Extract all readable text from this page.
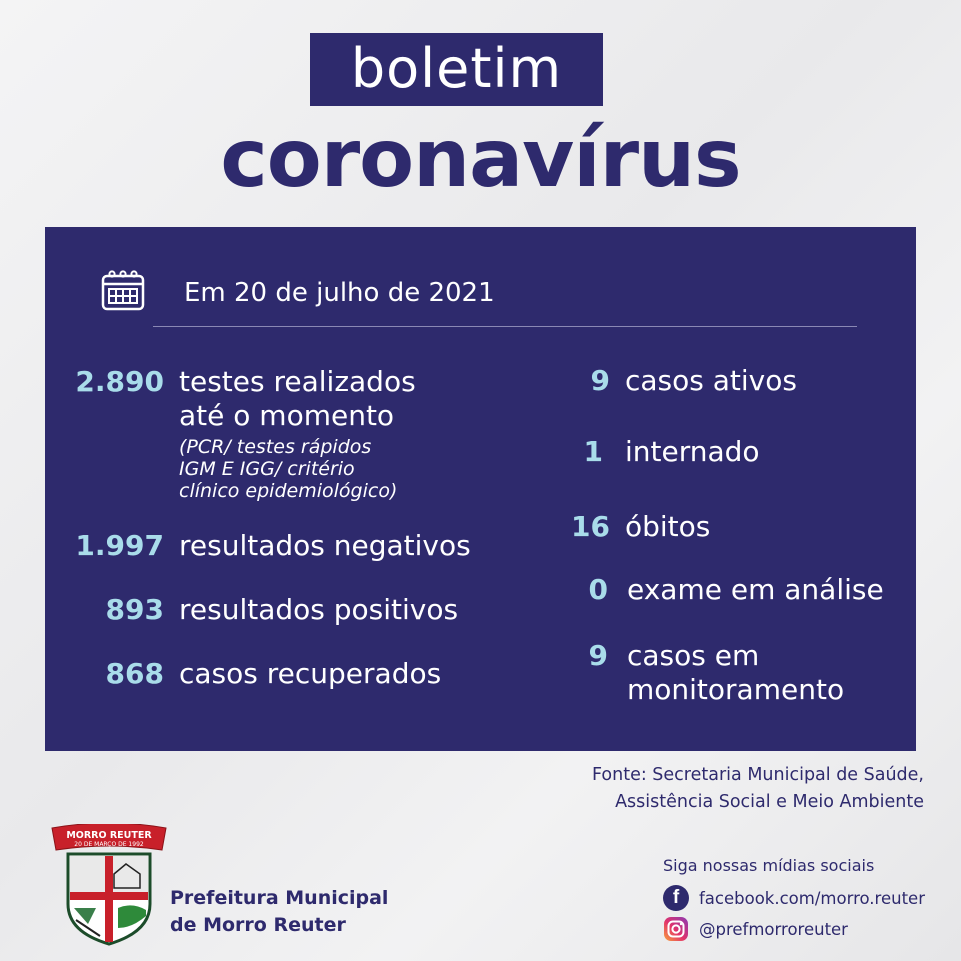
boletim
coronavírus
Em 20 de julho de 2021
2.890 testes realizados
até o momento
(PCR/ testes rápidos
IGM E IGG/ critério
clínico epidemiológico)
1.997 resultados negativos
893 resultados positivos
868 casos recuperados
9 casos ativos
1 internado
16 óbitos
0 exame em análise
9 casos em
monitoramento
Fonte: Secretaria Municipal de Saúde,
Assistência Social e Meio Ambiente
MORRO REUTER
20 DE MARÇO DE 1992
Prefeitura Municipal
de Morro Reuter
Siga nossas mídias sociais
f	facebook.com/morro.reuter
@prefmorroreuter
